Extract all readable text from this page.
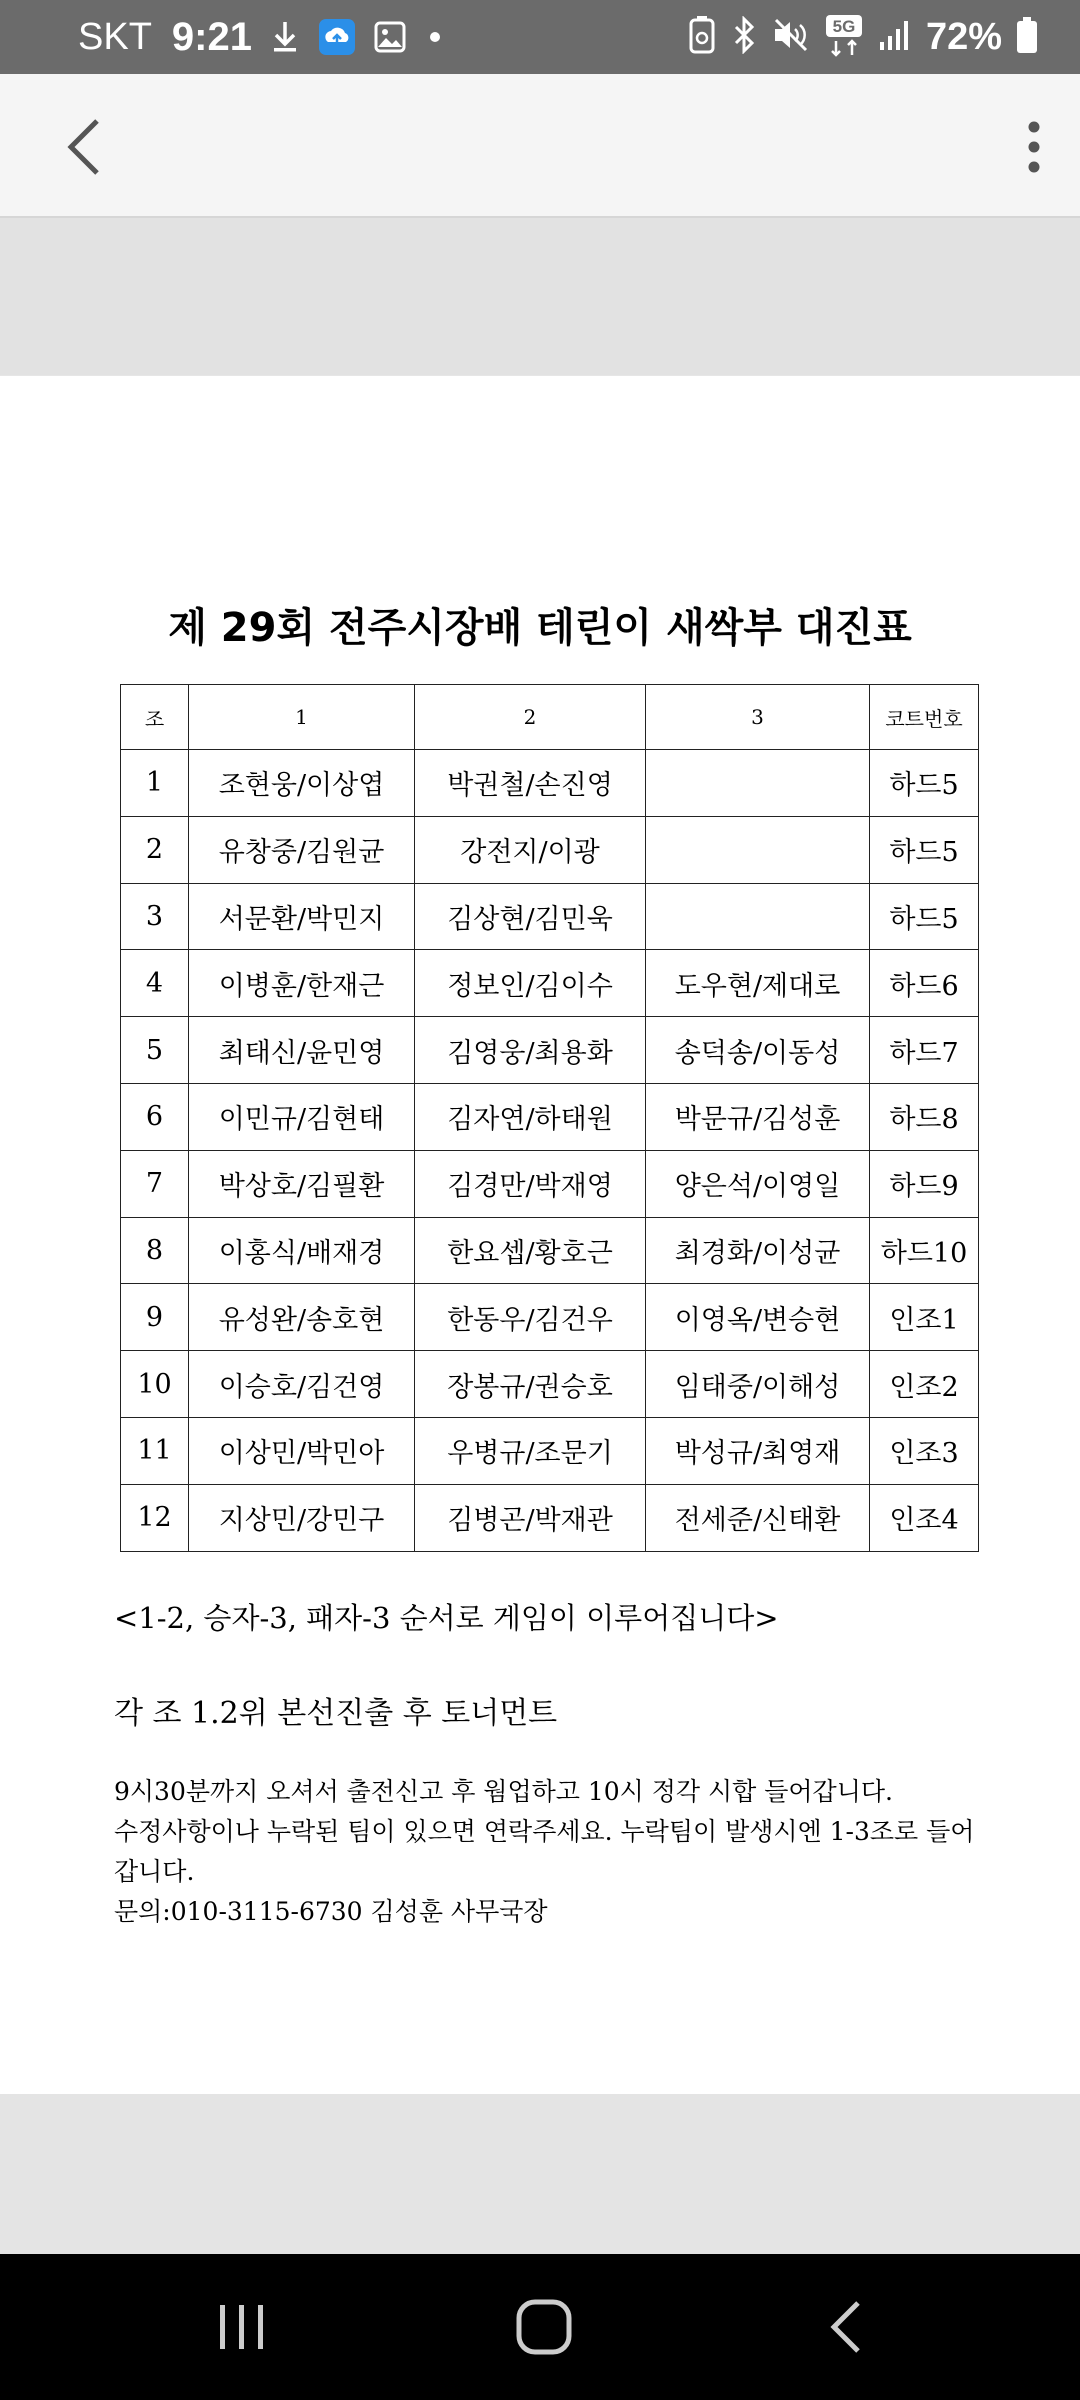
SKT 9:21	5G 72%
제 29회 전주시장배 테린이 새싹부 대진표
조	1	2	3	코트번호
1	조현웅/이상엽	박권철/손진영		하드5
2	유창중/김원균	강전지/이광		하드5
3	서문환/박민지	김상현/김민욱		하드5
4	이병훈/한재근	정보인/김이수	도우현/제대로	하드6
5	최태신/윤민영	김영웅/최용화	송덕송/이동성	하드7
6	이민규/김현태	김자연/하태원	박문규/김성훈	하드8
7	박상호/김필환	김경만/박재영	양은석/이영일	하드9
8	이홍식/배재경	한요셉/황호근	최경화/이성균	하드10
9	유성완/송호현	한동우/김건우	이영옥/변승현	인조1
10	이승호/김건영	장봉규/권승호	임태중/이해성	인조2
11	이상민/박민아	우병규/조문기	박성규/최영재	인조3
12	지상민/강민구	김병곤/박재관	전세준/신태환	인조4
<1-2, 승자-3, 패자-3 순서로 게임이 이루어집니다>
각 조 1.2위 본선진출 후 토너먼트
9시30분까지 오셔서 출전신고 후 웜업하고 10시 정각 시합 들어갑니다.
수정사항이나 누락된 팀이 있으면 연락주세요. 누락팀이 발생시엔 1-3조로 들어갑니다.
문의:010-3115-6730 김성훈 사무국장
